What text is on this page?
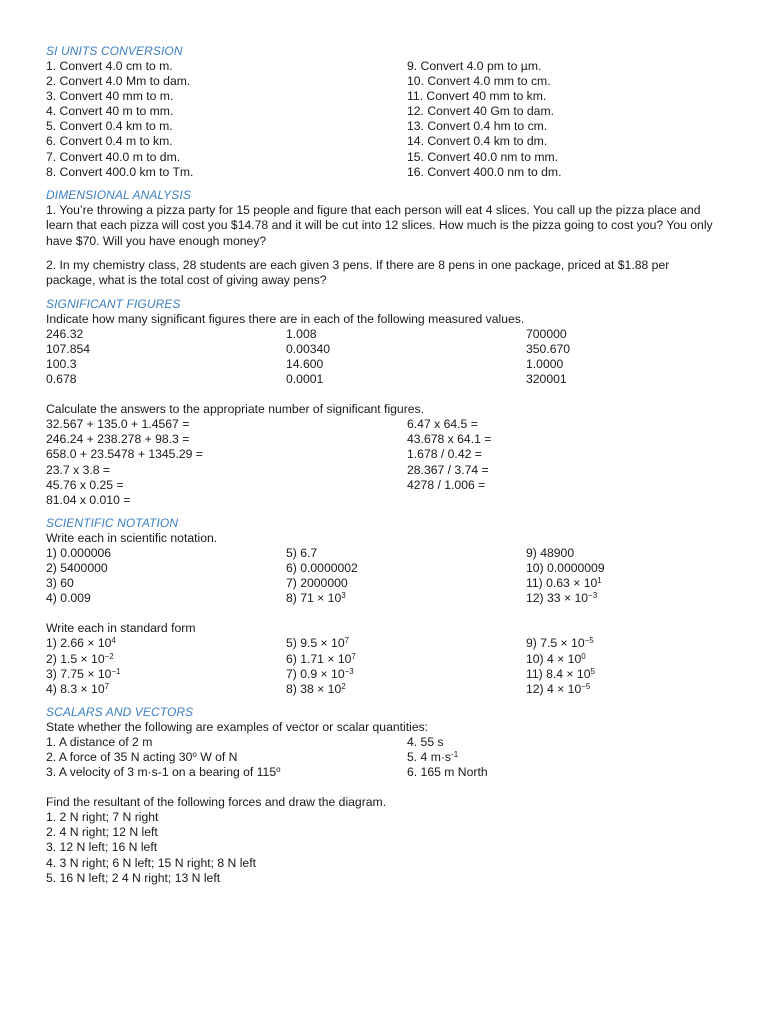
SI UNITS CONVERSION
1. Convert 4.0 cm to m.
2. Convert 4.0 Mm to dam.
3. Convert 40 mm to m.
4. Convert 40 m to mm.
5. Convert 0.4 km to m.
6. Convert 0.4 m to km.
7. Convert 40.0 m to dm.
8. Convert 400.0 km to Tm.
9. Convert 4.0 pm to µm.
10. Convert 4.0 mm to cm.
11. Convert 40 mm to km.
12. Convert 40 Gm to dam.
13. Convert 0.4 hm to cm.
14. Convert 0.4 km to dm.
15. Convert 40.0 nm to mm.
16. Convert 400.0 nm to dm.
DIMENSIONAL ANALYSIS
1. You’re throwing a pizza party for 15 people and figure that each person will eat 4 slices. You call up the pizza place and learn that each pizza will cost you $14.78 and it will be cut into 12 slices. How much is the pizza going to cost you? You only have $70. Will you have enough money?
2. In my chemistry class, 28 students are each given 3 pens. If there are 8 pens in one package, priced at $1.88 per package, what is the total cost of giving away pens?
SIGNIFICANT FIGURES
Indicate how many significant figures there are in each of the following measured values.
246.32
107.854
100.3
0.678
1.008
0.00340
14.600
0.0001
700000
350.670
1.0000
320001
Calculate the answers to the appropriate number of significant figures.
32.567 + 135.0 + 1.4567 =
246.24 + 238.278 + 98.3 =
658.0 + 23.5478 + 1345.29 =
23.7 x 3.8 =
45.76 x 0.25 =
81.04 x 0.010 =
6.47 x 64.5 =
43.678 x 64.1 =
1.678 / 0.42 =
28.367 / 3.74 =
4278 / 1.006 =
SCIENTIFIC NOTATION
Write each in scientific notation.
1) 0.000006
2) 5400000
3) 60
4) 0.009
5) 6.7
6) 0.0000002
7) 2000000
8) $71 \times 10^3$
9) 48900
10) 0.0000009
11) $0.63 \times 10^1$
12) $33 \times 10^{-3}$
Write each in standard form
1) $2.66 \times 10^4$
2) $1.5 \times 10^{-2}$
3) $7.75 \times 10^{-1}$
4) $8.3 \times 10^7$
5) $9.5 \times 10^7$
6) $1.71 \times 10^7$
7) $0.9 \times 10^{-3}$
8) $38 \times 10^2$
9) $7.5 \times 10^{-5}$
10) $4 \times 10^0$
11) $8.4 \times 10^5$
12) $4 \times 10^{-5}$
SCALARS AND VECTORS
State whether the following are examples of vector or scalar quantities:
1. A distance of 2 m
2. A force of 35 N acting 30$^o$ W of N
3. A velocity of 3 m·s-1 on a bearing of 115$^o$
4. 55 s
5. 4 $m\cdot s^{-1}$
6. 165 m North
Find the resultant of the following forces and draw the diagram.
1. 2 N right; 7 N right
2. 4 N right; 12 N left
3. 12 N left; 16 N left
4. 3 N right; 6 N left; 15 N right; 8 N left
5. 16 N left; 2 4 N right; 13 N left
